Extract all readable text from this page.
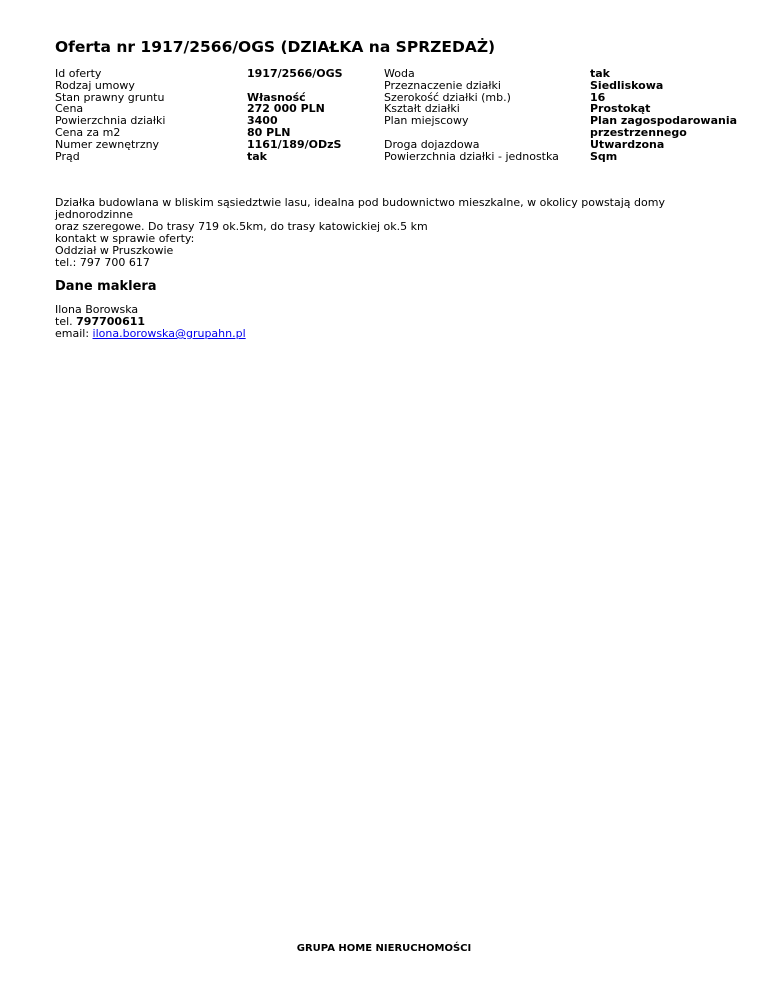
Oferta nr 1917/2566/OGS (DZIAŁKA na SPRZEDAŻ)
Id oferty
Rodzaj umowy
Stan prawny gruntu
Cena
Powierzchnia działki
Cena za m2
Numer zewnętrzny
Prąd
1917/2566/OGS
Własność
272 000 PLN
3400
80 PLN
1161/189/ODzS
tak
Woda
Przeznaczenie działki
Szerokość działki (mb.)
Kształt działki
Plan miejscowy
Droga dojazdowa
Powierzchnia działki - jednostka
tak
Siedliskowa
16
Prostokąt
Plan zagospodarowania
przestrzennego
Utwardzona
Sqm

Działka budowlana w bliskim sąsiedztwie lasu, idealna pod budownictwo mieszkalne, w okolicy powstają domy jednorodzinne
oraz szeregowe. Do trasy 719 ok.5km, do trasy katowickiej ok.5 km

kontakt w sprawie oferty:
Oddział w Pruszkowie
tel.: 797 700 617

Dane maklera

Ilona Borowska
tel. 797700611
email: ilona.borowska@grupahn.pl

GRUPA HOME NIERUCHOMOŚCI
